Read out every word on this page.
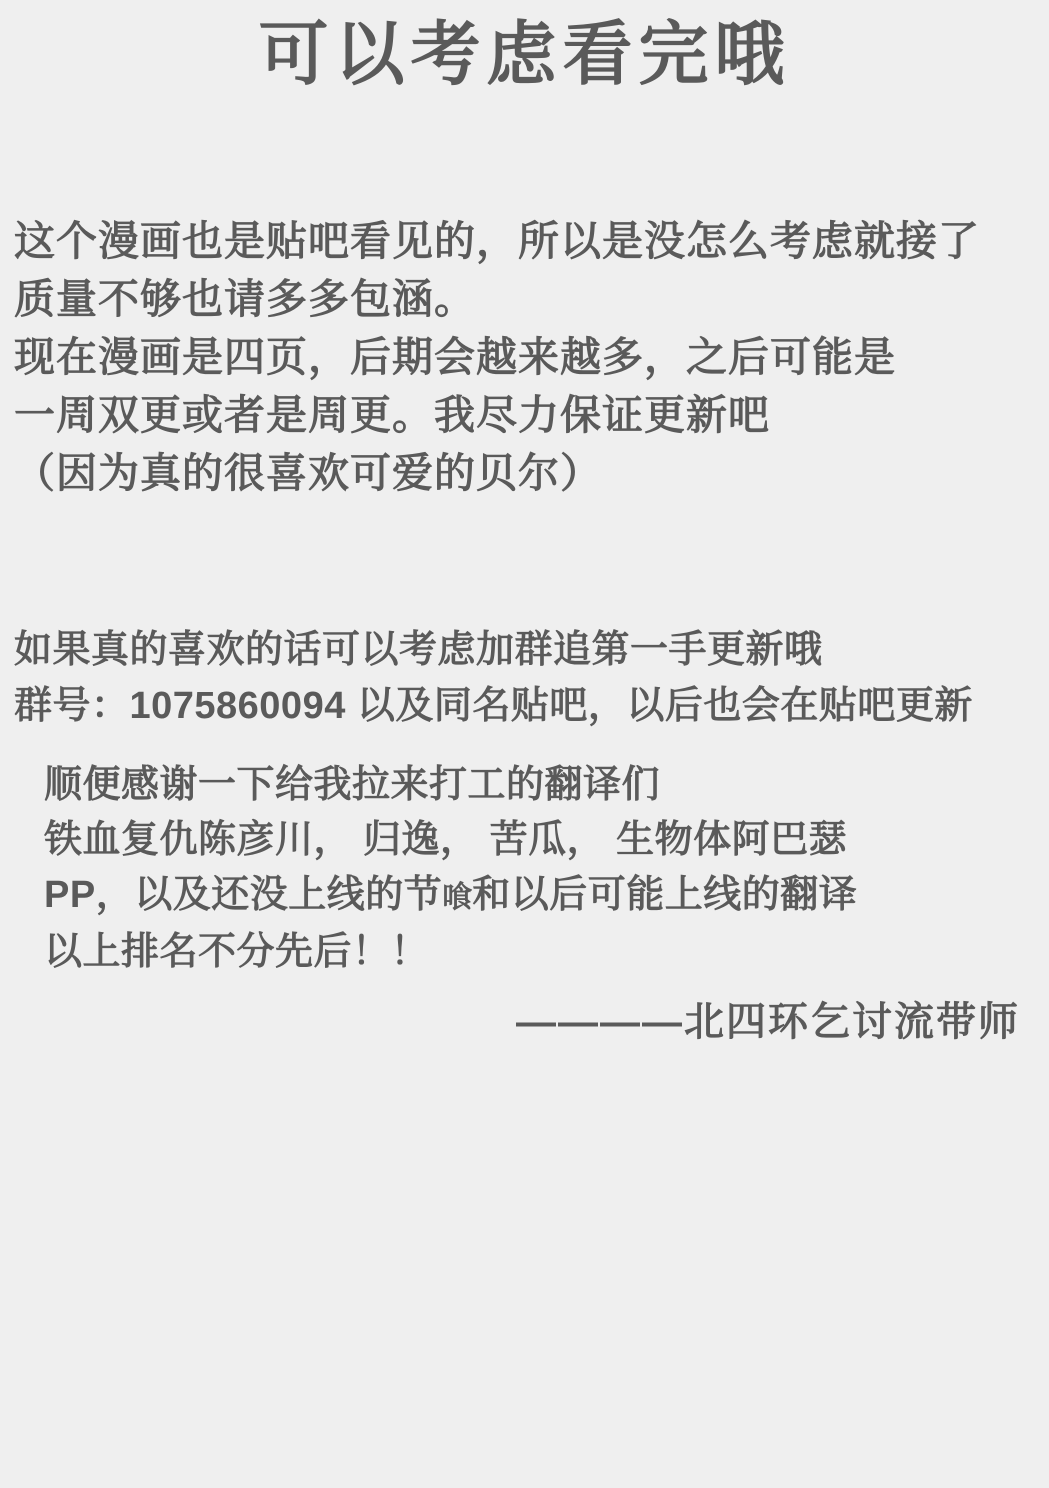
可以考虑看完哦
这个漫画也是贴吧看见的，所以是没怎么考虑就接了
质量不够也请多多包涵。
现在漫画是四页，后期会越来越多，之后可能是
一周双更或者是周更。我尽力保证更新吧
（因为真的很喜欢可爱的贝尔）
如果真的喜欢的话可以考虑加群追第一手更新哦
群号：1075860094 以及同名贴吧，以后也会在贴吧更新
顺便感谢一下给我拉来打工的翻译们
铁血复仇陈彦川， 归逸， 苦瓜， 生物体阿巴瑟
PP，以及还没上线的节喰和以后可能上线的翻译
以上排名不分先后！！
————北四环乞讨流带师
